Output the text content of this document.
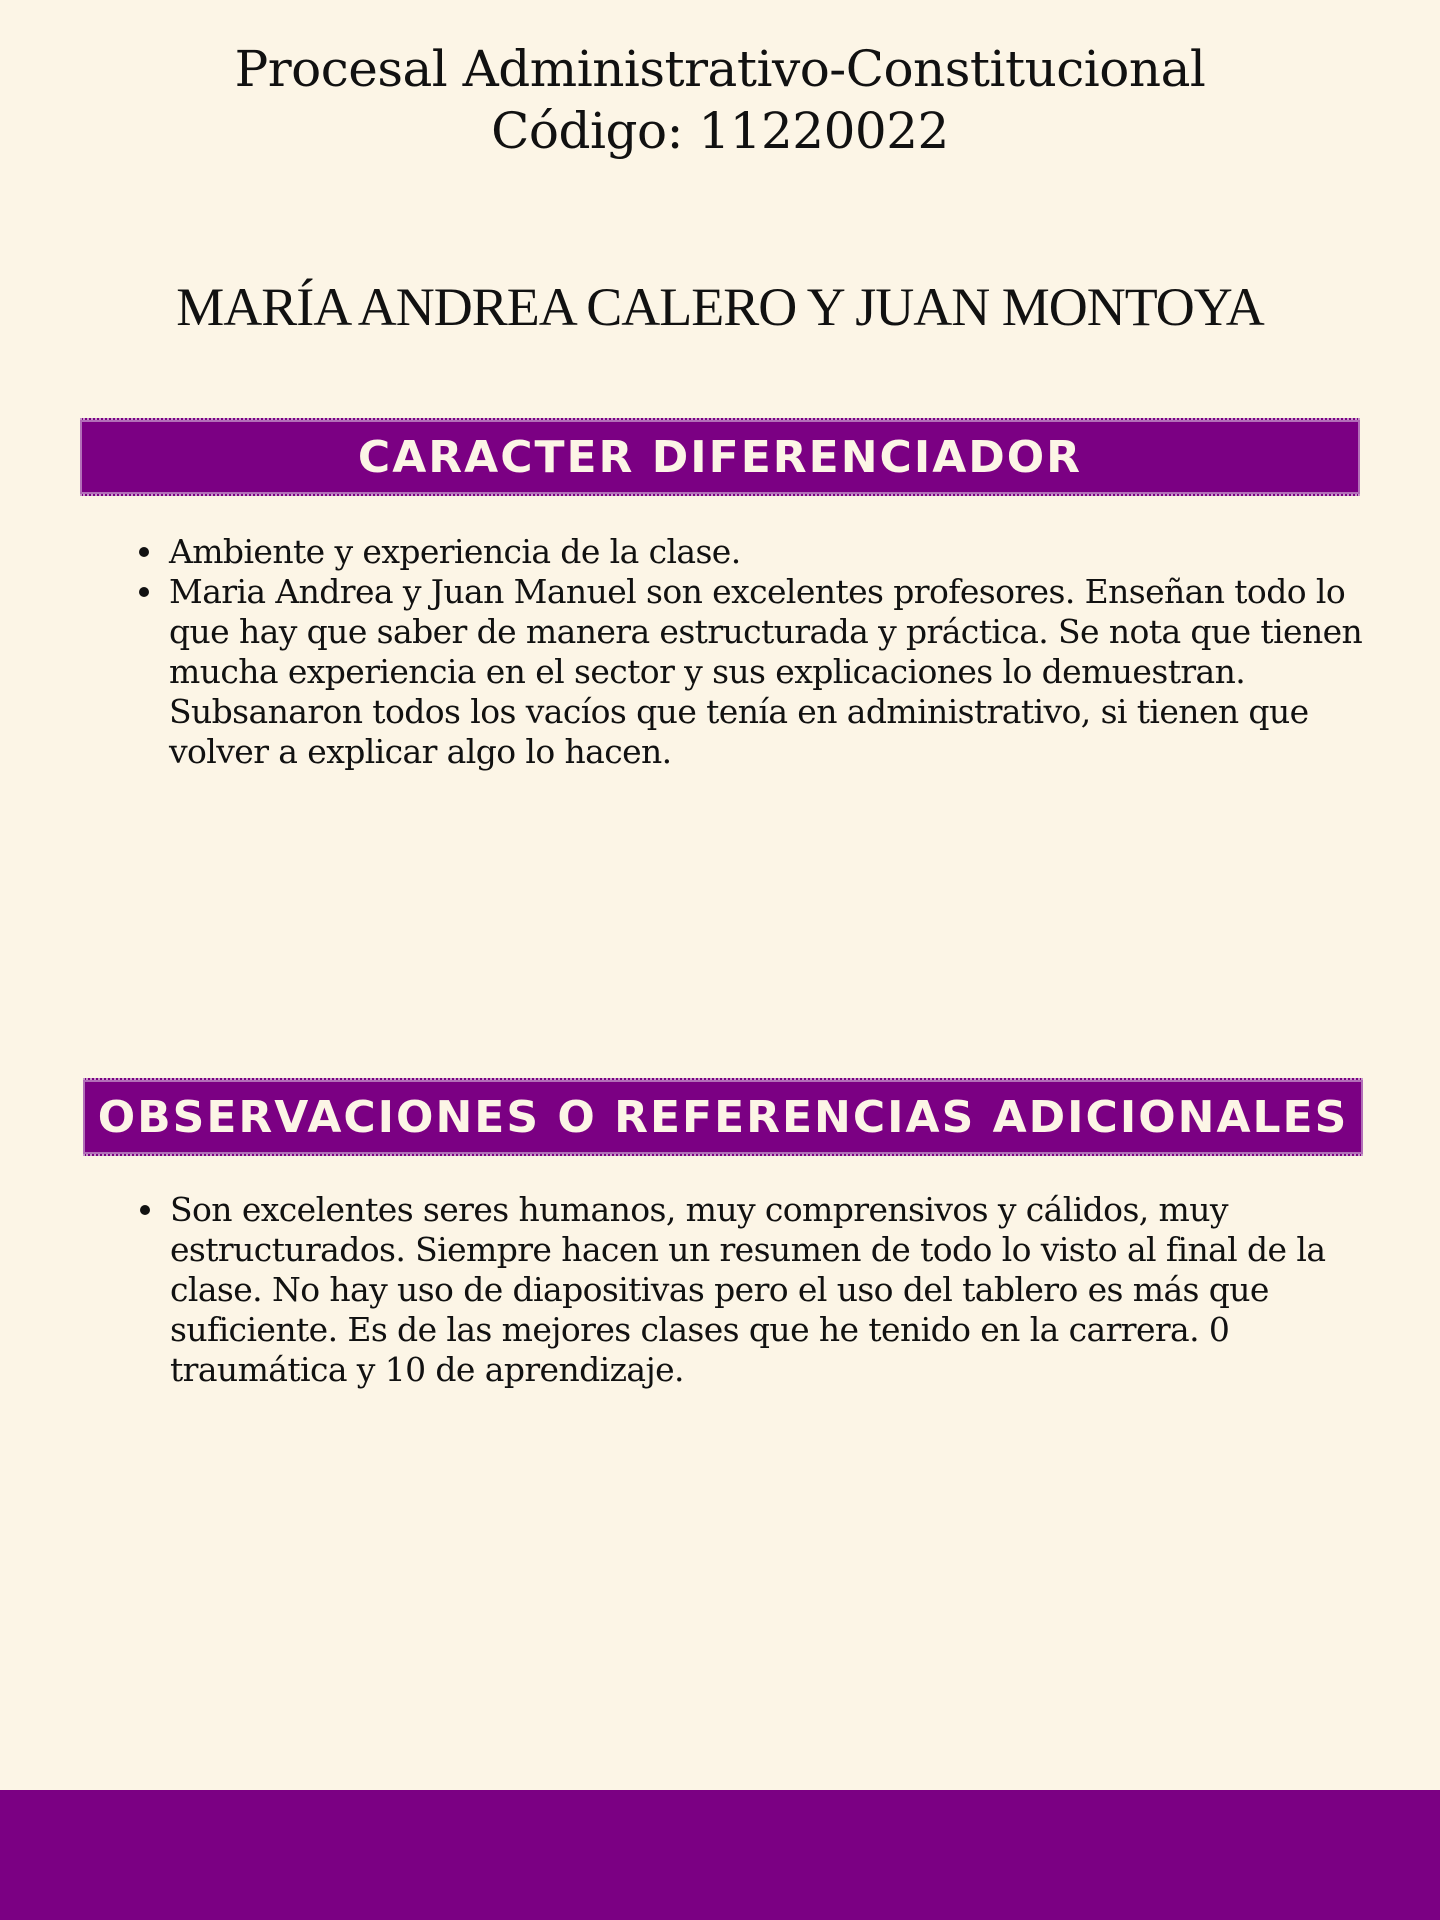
Procesal Administrativo-Constitucional
Código: 11220022
MARÍA ANDREA CALERO Y JUAN MONTOYA
CARACTER DIFERENCIADOR
Ambiente y experiencia de la clase.
Maria Andrea y Juan Manuel son excelentes profesores. Enseñan todo lo que hay que saber de manera estructurada y práctica. Se nota que tienen mucha experiencia en el sector y sus explicaciones lo demuestran. Subsanaron todos los vacíos que tenía en administrativo, si tienen que volver a explicar algo lo hacen.
OBSERVACIONES O REFERENCIAS ADICIONALES
Son excelentes seres humanos, muy comprensivos y cálidos, muy estructurados. Siempre hacen un resumen de todo lo visto al final de la clase. No hay uso de diapositivas pero el uso del tablero es más que suficiente. Es de las mejores clases que he tenido en la carrera. 0 traumática y 10 de aprendizaje.
